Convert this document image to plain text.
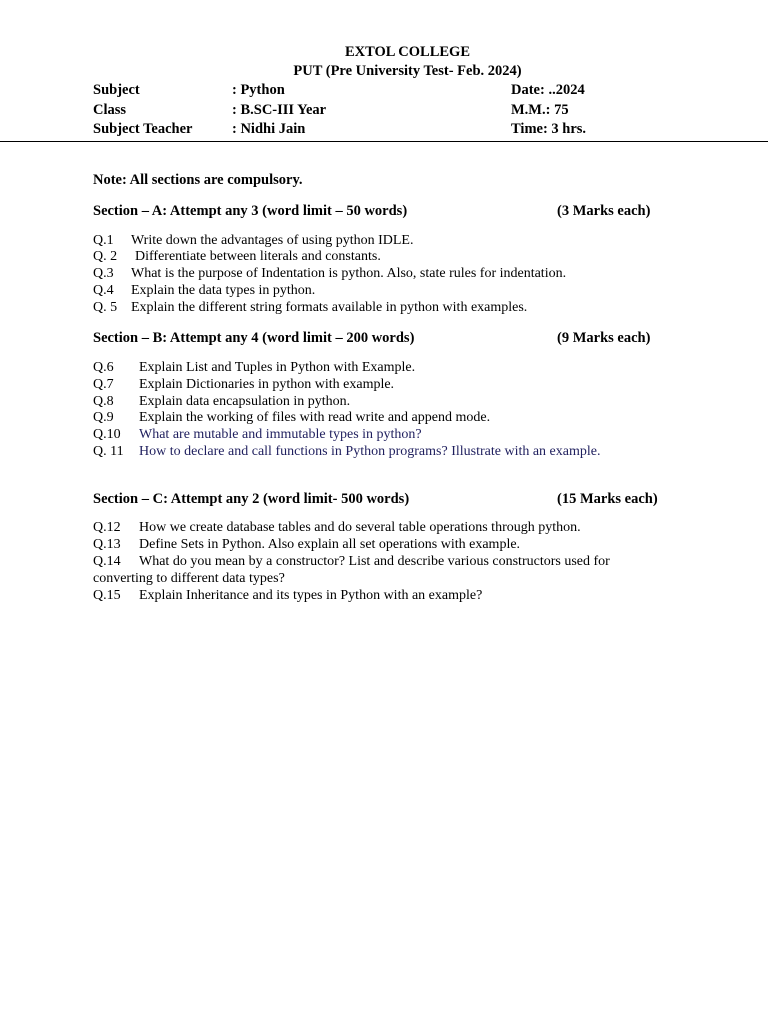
EXTOL COLLEGE
PUT (Pre University Test- Feb. 2024)
Subject	: Python	Date: ..2024
Class	: B.SC-III Year	M.M.: 75
Subject Teacher	: Nidhi Jain	Time: 3 hrs.
Note: All sections are compulsory.
Section – A: Attempt any 3 (word limit – 50 words)	(3 Marks each)
Q.1 Write down the advantages of using python IDLE.
Q. 2 Differentiate between literals and constants.
Q.3 What is the purpose of Indentation is python. Also, state rules for indentation.
Q.4 Explain the data types in python.
Q. 5 Explain the different string formats available in python with examples.
Section – B: Attempt any 4 (word limit – 200 words)	(9 Marks each)
Q.6 Explain List and Tuples in Python with Example.
Q.7 Explain Dictionaries in python with example.
Q.8 Explain data encapsulation in python.
Q.9 Explain the working of files with read write and append mode.
Q.10 What are mutable and immutable types in python?
Q. 11 How to declare and call functions in Python programs? Illustrate with an example.
Section – C: Attempt any 2 (word limit- 500 words)	(15 Marks each)
Q.12 How we create database tables and do several table operations through python.
Q.13 Define Sets in Python. Also explain all set operations with example.
Q.14 What do you mean by a constructor? List and describe various constructors used for
converting to different data types?
Q.15 Explain Inheritance and its types in Python with an example?
